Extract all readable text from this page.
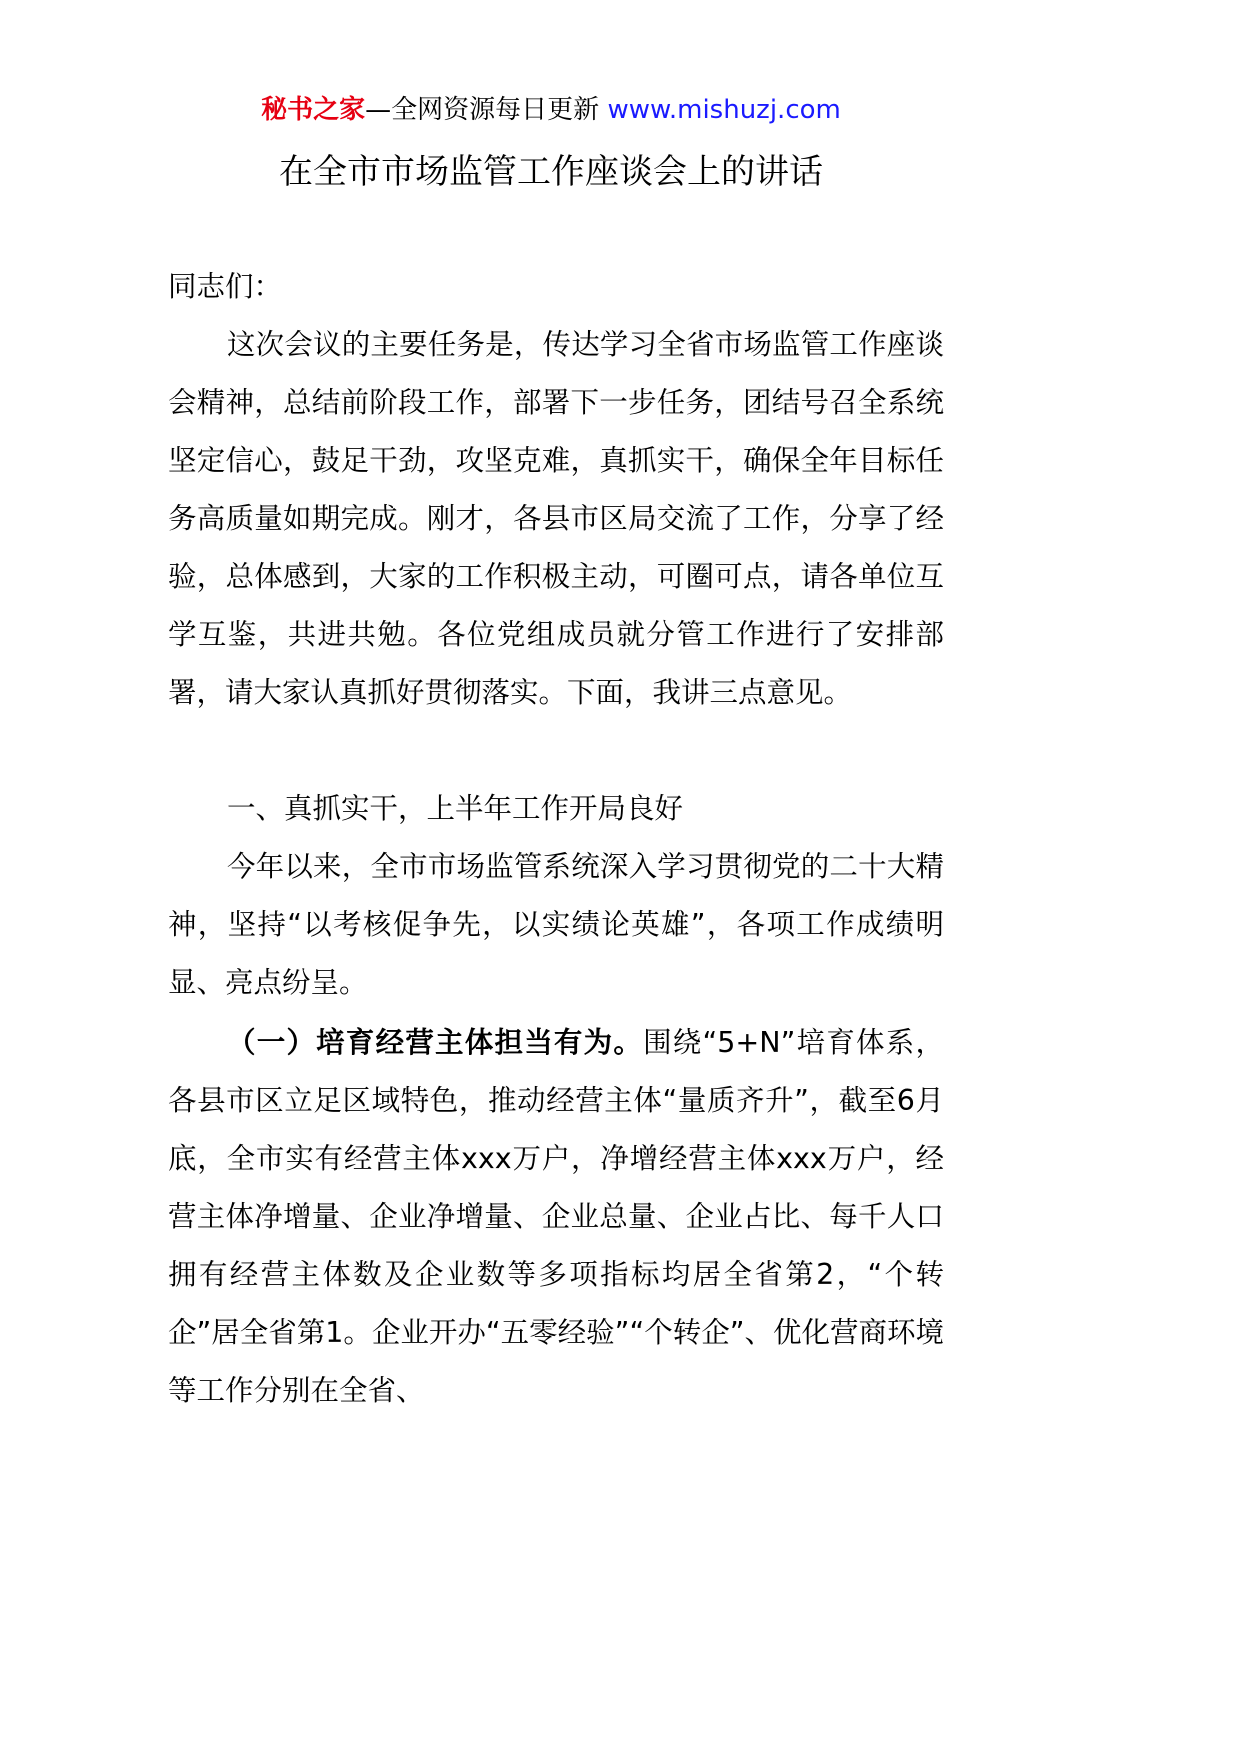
秘书之家—全网资源每日更新 www.mishuzj.com
在全市市场监管工作座谈会上的讲话

同志们：

这次会议的主要任务是，传达学习全省市场监管工作座谈会精神，总结前阶段工作，部署下一步任务，团结号召全系统坚定信心，鼓足干劲，攻坚克难，真抓实干，确保全年目标任务高质量如期完成。刚才，各县市区局交流了工作，分享了经验，总体感到，大家的工作积极主动，可圈可点，请各单位互学互鉴，共进共勉。各位党组成员就分管工作进行了安排部署，请大家认真抓好贯彻落实。下面，我讲三点意见。

一、真抓实干，上半年工作开局良好

今年以来，全市市场监管系统深入学习贯彻党的二十大精神，坚持“以考核促争先，以实绩论英雄”，各项工作成绩明显、亮点纷呈。

（一）培育经营主体担当有为。围绕“5+N”培育体系，各县市区立足区域特色，推动经营主体“量质齐升”，截至6月底，全市实有经营主体xxx万户，净增经营主体xxx万户，经营主体净增量、企业净增量、企业总量、企业占比、每千人口拥有经营主体数及企业数等多项指标均居全省第2，“个转企”居全省第1。企业开办“五零经验”“个转企”、优化营商环境等工作分别在全省、
